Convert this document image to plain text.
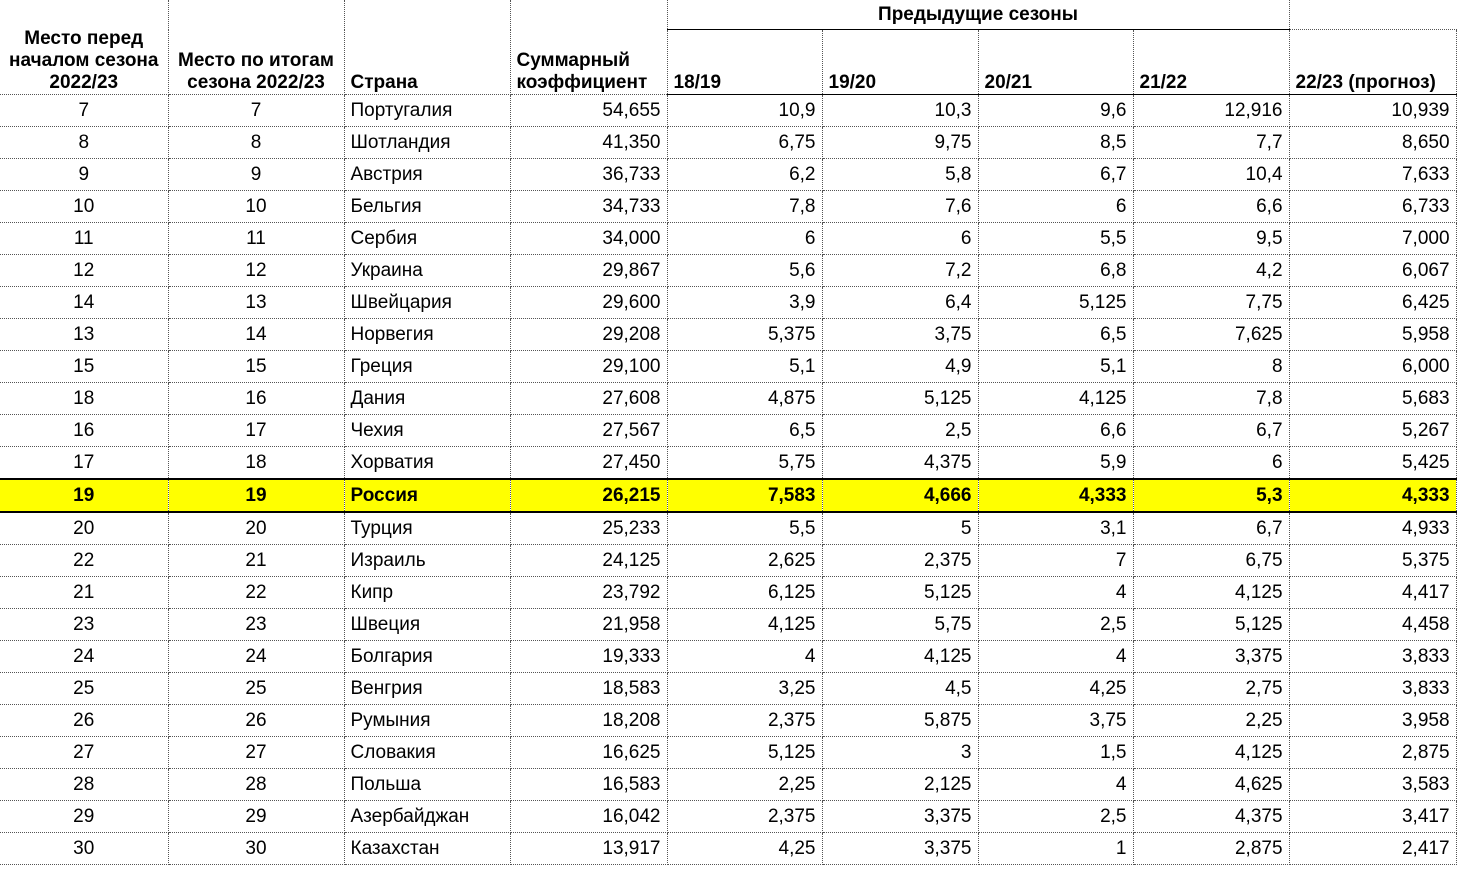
Место перед началом сезона 2022/23	Место по итогам сезона 2022/23	Страна	Суммарный коэффициент	Предыдущие сезоны				
				18/19	19/20	20/21	21/22	22/23 (прогноз)
7	7	Португалия	54,655	10,9	10,3	9,6	12,916	10,939
8	8	Шотландия	41,350	6,75	9,75	8,5	7,7	8,650
9	9	Австрия	36,733	6,2	5,8	6,7	10,4	7,633
10	10	Бельгия	34,733	7,8	7,6	6	6,6	6,733
11	11	Сербия	34,000	6	6	5,5	9,5	7,000
12	12	Украина	29,867	5,6	7,2	6,8	4,2	6,067
14	13	Швейцария	29,600	3,9	6,4	5,125	7,75	6,425
13	14	Норвегия	29,208	5,375	3,75	6,5	7,625	5,958
15	15	Греция	29,100	5,1	4,9	5,1	8	6,000
18	16	Дания	27,608	4,875	5,125	4,125	7,8	5,683
16	17	Чехия	27,567	6,5	2,5	6,6	6,7	5,267
17	18	Хорватия	27,450	5,75	4,375	5,9	6	5,425
19	19	Россия	26,215	7,583	4,666	4,333	5,3	4,333
20	20	Турция	25,233	5,5	5	3,1	6,7	4,933
22	21	Израиль	24,125	2,625	2,375	7	6,75	5,375
21	22	Кипр	23,792	6,125	5,125	4	4,125	4,417
23	23	Швеция	21,958	4,125	5,75	2,5	5,125	4,458
24	24	Болгария	19,333	4	4,125	4	3,375	3,833
25	25	Венгрия	18,583	3,25	4,5	4,25	2,75	3,833
26	26	Румыния	18,208	2,375	5,875	3,75	2,25	3,958
27	27	Словакия	16,625	5,125	3	1,5	4,125	2,875
28	28	Польша	16,583	2,25	2,125	4	4,625	3,583
29	29	Азербайджан	16,042	2,375	3,375	2,5	4,375	3,417
30	30	Казахстан	13,917	4,25	3,375	1	2,875	2,417
